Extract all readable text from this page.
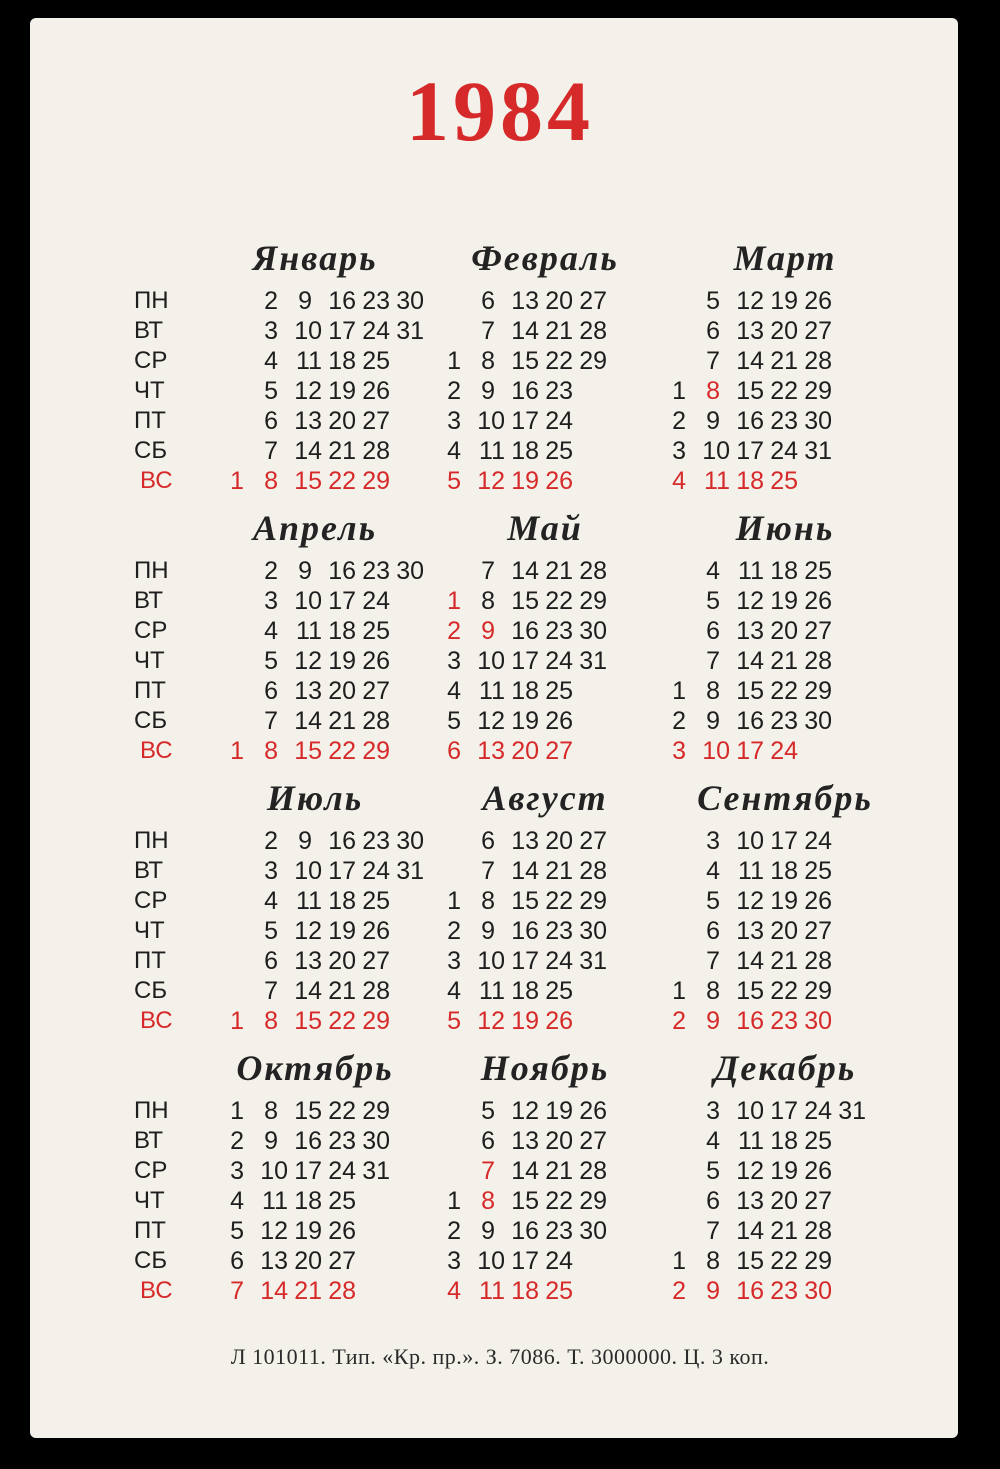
1984
ПН
ВТ
СР
ЧТ
ПТ
СБ
ВС
Январь
2 9 16 23 30
3 10 17 24 31
4 11 18 25
5 12 19 26
6 13 20 27
7 14 21 28
1 8 15 22 29
Февраль
6 13 20 27
7 14 21 28
1 8 15 22 29
2 9 16 23
3 10 17 24
4 11 18 25
5 12 19 26
Март
5 12 19 26
6 13 20 27
7 14 21 28
1 8 15 22 29
2 9 16 23 30
3 10 17 24 31
4 11 18 25
ПН
ВТ
СР
ЧТ
ПТ
СБ
ВС
Апрель
2 9 16 23 30
3 10 17 24
4 11 18 25
5 12 19 26
6 13 20 27
7 14 21 28
1 8 15 22 29
Май
7 14 21 28
1 8 15 22 29
2 9 16 23 30
3 10 17 24 31
4 11 18 25
5 12 19 26
6 13 20 27
Июнь
4 11 18 25
5 12 19 26
6 13 20 27
7 14 21 28
1 8 15 22 29
2 9 16 23 30
3 10 17 24
ПН
ВТ
СР
ЧТ
ПТ
СБ
ВС
Июль
2 9 16 23 30
3 10 17 24 31
4 11 18 25
5 12 19 26
6 13 20 27
7 14 21 28
1 8 15 22 29
Август
6 13 20 27
7 14 21 28
1 8 15 22 29
2 9 16 23 30
3 10 17 24 31
4 11 18 25
5 12 19 26
Сентябрь
3 10 17 24
4 11 18 25
5 12 19 26
6 13 20 27
7 14 21 28
1 8 15 22 29
2 9 16 23 30
ПН
ВТ
СР
ЧТ
ПТ
СБ
ВС
Октябрь
1 8 15 22 29
2 9 16 23 30
3 10 17 24 31
4 11 18 25
5 12 19 26
6 13 20 27
7 14 21 28
Ноябрь
5 12 19 26
6 13 20 27
7 14 21 28
1 8 15 22 29
2 9 16 23 30
3 10 17 24
4 11 18 25
Декабрь
3 10 17 24 31
4 11 18 25
5 12 19 26
6 13 20 27
7 14 21 28
1 8 15 22 29
2 9 16 23 30
Л 101011. Тип. «Кр. пр.». З. 7086. Т. 3000000. Ц. 3 коп.
